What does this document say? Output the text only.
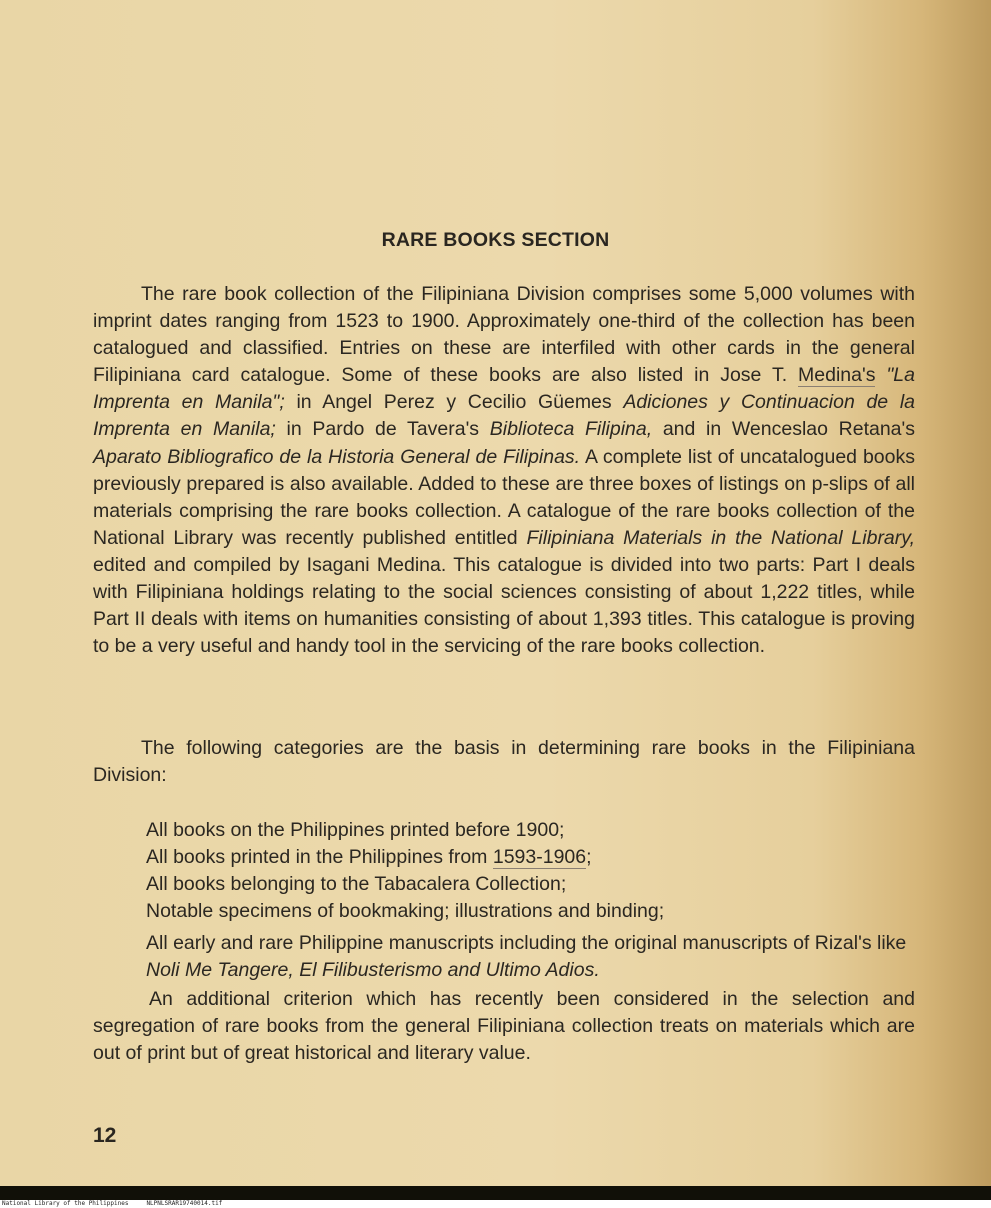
RARE BOOKS SECTION

The rare book collection of the Filipiniana Division comprises some 5,000 volumes with imprint dates ranging from 1523 to 1900. Approximately one-third of the collection has been catalogued and classified. Entries on these are interfiled with other cards in the general Filipiniana card catalogue. Some of these books are also listed in Jose T. Medina's "La Imprenta en Manila"; in Angel Perez y Cecilio Güemes Adiciones y Continuacion de la Imprenta en Manila; in Pardo de Tavera's Biblioteca Filipina, and in Wenceslao Retana's Aparato Bibliografico de la Historia General de Filipinas. A complete list of uncatalogued books previously prepared is also available. Added to these are three boxes of listings on p-slips of all materials comprising the rare books collection. A catalogue of the rare books collection of the National Library was recently published entitled Filipiniana Materials in the National Library, edited and compiled by Isagani Medina. This catalogue is divided into two parts: Part I deals with Filipiniana holdings relating to the social sciences consisting of about 1,222 titles, while Part II deals with items on humanities consisting of about 1,393 titles. This catalogue is proving to be a very useful and handy tool in the servicing of the rare books collection.

The following categories are the basis in determining rare books in the Filipiniana Division:

All books on the Philippines printed before 1900;
All books printed in the Philippines from 1593-1906;
All books belonging to the Tabacalera Collection;
Notable specimens of bookmaking; illustrations and binding;
All early and rare Philippine manuscripts including the original manuscripts of Rizal's like Noli Me Tangere, El Filibusterismo and Ultimo Adios.

An additional criterion which has recently been considered in the selection and segregation of rare books from the general Filipiniana collection treats on materials which are out of print but of great historical and literary value.

12
National Library of the Philippines	NLPNLSRAR19740014.tif
